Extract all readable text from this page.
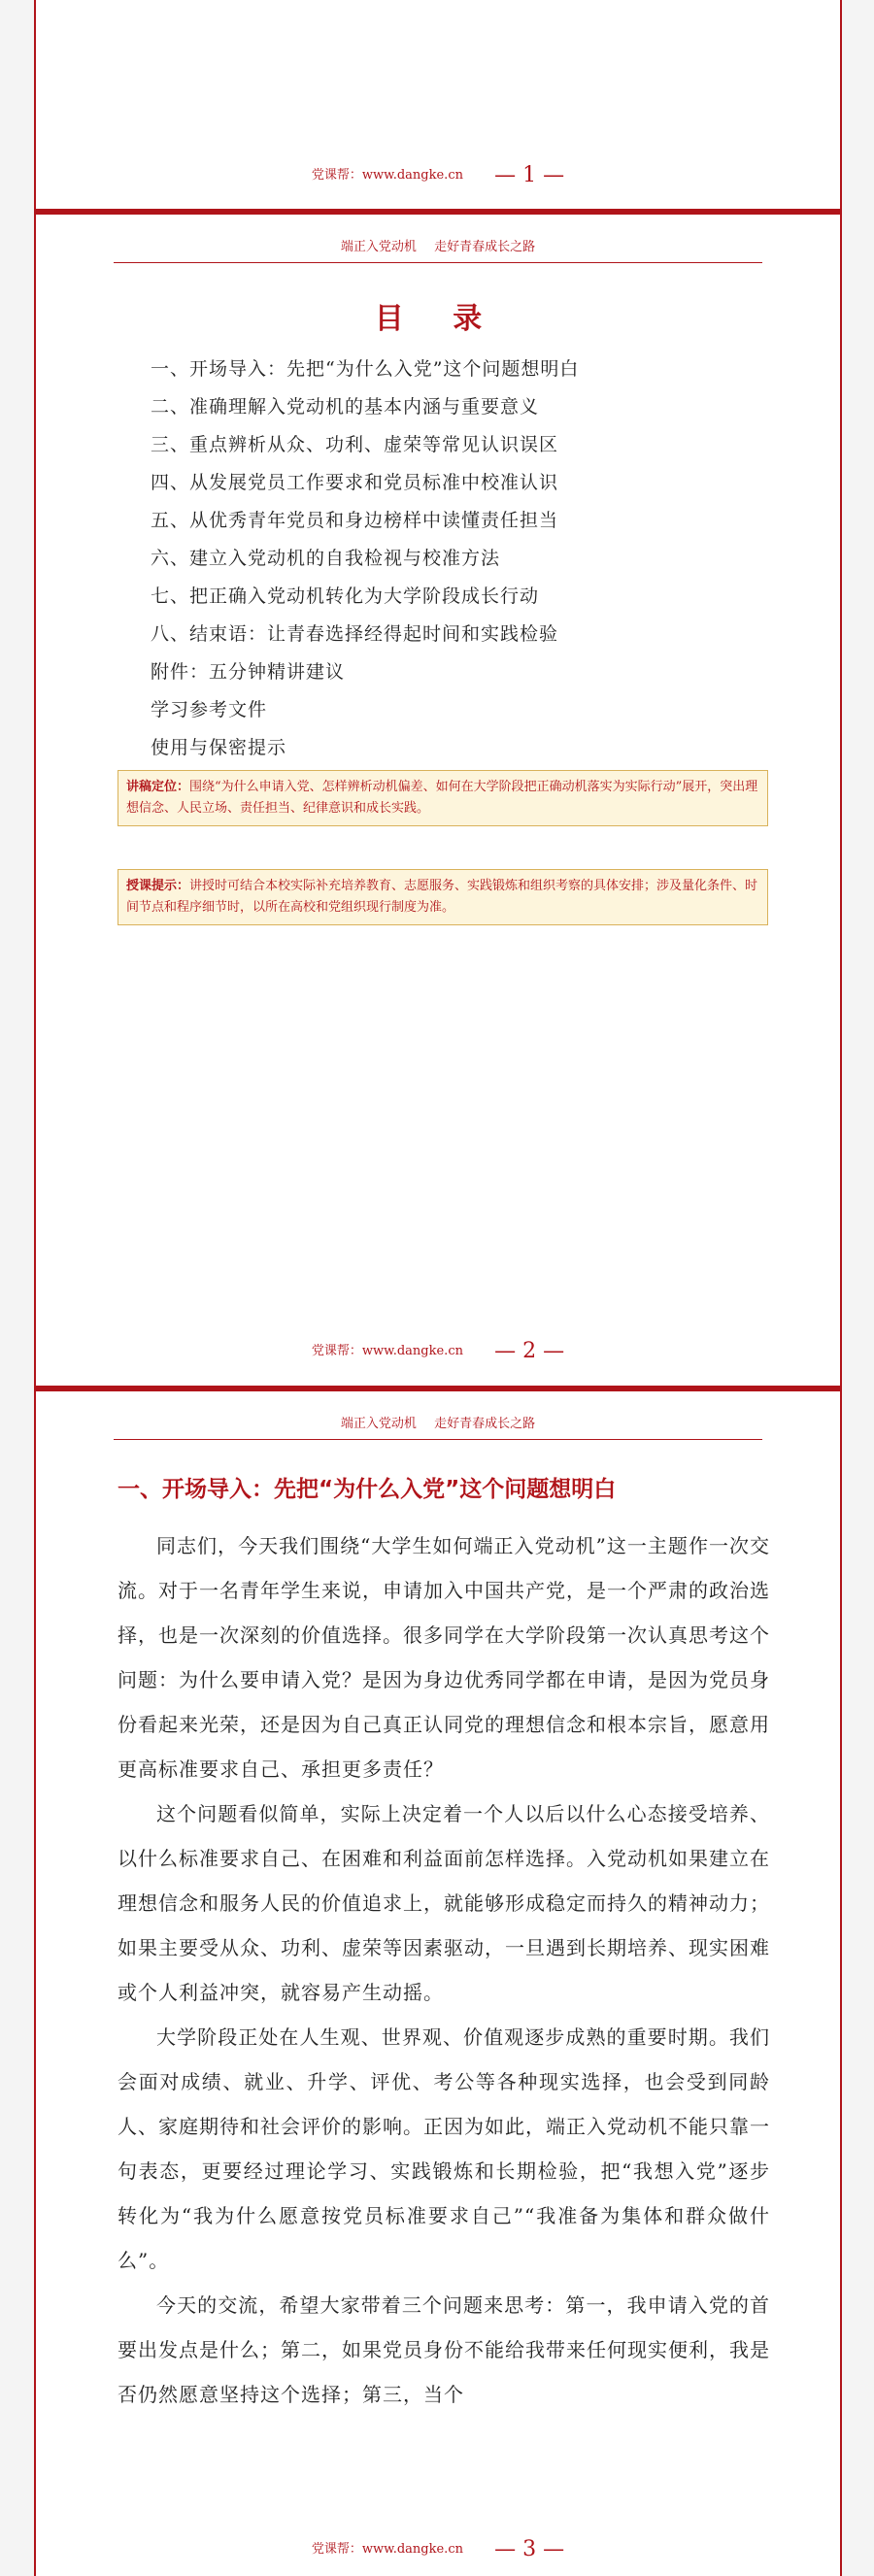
党课帮：www.dangke.cn — 1 —
端正入党动机 走好青春成长之路
目 录
一、开场导入：先把“为什么入党”这个问题想明白
二、准确理解入党动机的基本内涵与重要意义
三、重点辨析从众、功利、虚荣等常见认识误区
四、从发展党员工作要求和党员标准中校准认识
五、从优秀青年党员和身边榜样中读懂责任担当
六、建立入党动机的自我检视与校准方法
七、把正确入党动机转化为大学阶段成长行动
八、结束语：让青春选择经得起时间和实践检验
附件：五分钟精讲建议
学习参考文件
使用与保密提示
讲稿定位：围绕“为什么申请入党、怎样辨析动机偏差、如何在大学阶段把正确动机落实为实际行动”展开，突出理想信念、人民立场、责任担当、纪律意识和成长实践。
授课提示：讲授时可结合本校实际补充培养教育、志愿服务、实践锻炼和组织考察的具体安排；涉及量化条件、时间节点和程序细节时，以所在高校和党组织现行制度为准。
党课帮：www.dangke.cn — 2 —
端正入党动机 走好青春成长之路
一、开场导入：先把“为什么入党”这个问题想明白

同志们，今天我们围绕“大学生如何端正入党动机”这一主题作一次交流。对于一名青年学生来说，申请加入中国共产党，是一个严肃的政治选择，也是一次深刻的价值选择。很多同学在大学阶段第一次认真思考这个问题：为什么要申请入党？是因为身边优秀同学都在申请，是因为党员身份看起来光荣，还是因为自己真正认同党的理想信念和根本宗旨，愿意用更高标准要求自己、承担更多责任？

这个问题看似简单，实际上决定着一个人以后以什么心态接受培养、以什么标准要求自己、在困难和利益面前怎样选择。入党动机如果建立在理想信念和服务人民的价值追求上，就能够形成稳定而持久的精神动力；如果主要受从众、功利、虚荣等因素驱动，一旦遇到长期培养、现实困难或个人利益冲突，就容易产生动摇。

大学阶段正处在人生观、世界观、价值观逐步成熟的重要时期。我们会面对成绩、就业、升学、评优、考公等各种现实选择，也会受到同龄人、家庭期待和社会评价的影响。正因为如此，端正入党动机不能只靠一句表态，更要经过理论学习、实践锻炼和长期检验，把“我想入党”逐步转化为“我为什么愿意按党员标准要求自己”“我准备为集体和群众做什么”。

今天的交流，希望大家带着三个问题来思考：第一，我申请入党的首要出发点是什么；第二，如果党员身份不能给我带来任何现实便利，我是否仍然愿意坚持这个选择；第三，当个

党课帮：www.dangke.cn — 3 —
